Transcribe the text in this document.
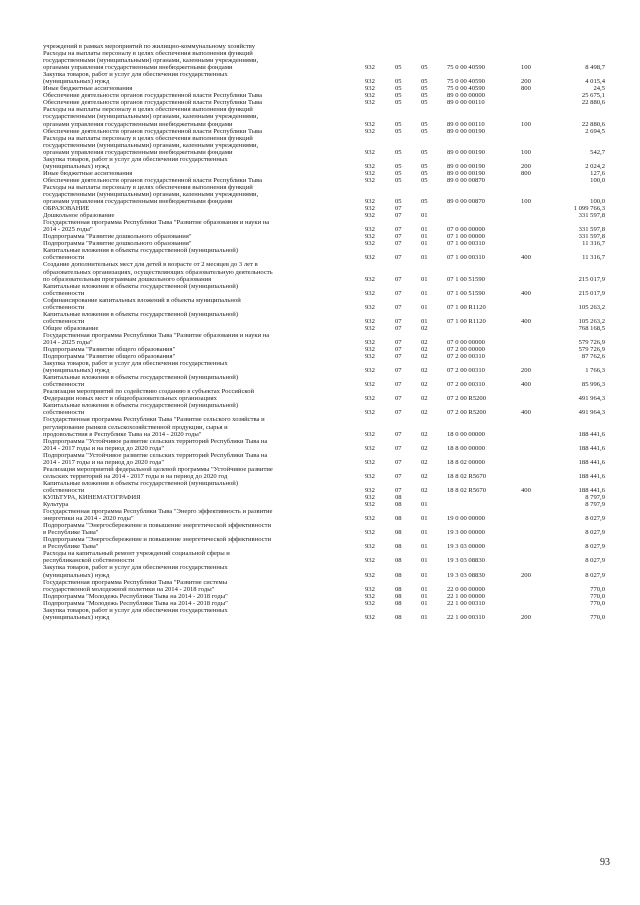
учреждений в рамках мероприятий по жилищно-коммунальному хозяйству						

Расходы на выплаты персоналу в целях обеспечения выполнения функций
государственными (муниципальными) органами, казенными учреждениями,
органами управления государственными внебюджетными фондами	932	05	05	75 0 00 40590	100	8 498,7

Закупка товаров, работ и услуг для обеспечения государственных
(муниципальных) нужд	932	05	05	75 0 00 40590	200	4 015,4

Иные бюджетные ассигнования	932	05	05	75 0 00 40590	800	24,5

Обеспечение деятельности органов государственной власти Республики Тыва	932	05	05	89 0 00 00000		25 675,1

Обеспечение деятельности органов государственной власти Республики Тыва	932	05	05	89 0 00 00110		22 880,6

Расходы на выплаты персоналу в целях обеспечения выполнения функций
государственными (муниципальными) органами, казенными учреждениями,
органами управления государственными внебюджетными фондами	932	05	05	89 0 00 00110	100	22 880,6

Обеспечение деятельности органов государственной власти Республики Тыва	932	05	05	89 0 00 00190		2 694,5

Расходы на выплаты персоналу в целях обеспечения выполнения функций
государственными (муниципальными) органами, казенными учреждениями,
органами управления государственными внебюджетными фондами	932	05	05	89 0 00 00190	100	542,7

Закупка товаров, работ и услуг для обеспечения государственных
(муниципальных) нужд	932	05	05	89 0 00 00190	200	2 024,2

Иные бюджетные ассигнования	932	05	05	89 0 00 00190	800	127,6

Обеспечение деятельности органов государственной власти Республики Тыва	932	05	05	89 0 00 00870		100,0

Расходы на выплаты персоналу в целях обеспечения выполнения функций
государственными (муниципальными) органами, казенными учреждениями,
органами управления государственными внебюджетными фондами	932	05	05	89 0 00 00870	100	100,0

ОБРАЗОВАНИЕ	932	07				1 099 766,3

Дошкольное образование	932	07	01			331 597,8

Государственная программа Республики Тыва "Развитие образования и науки на
2014 - 2025 годы"	932	07	01	07 0 00 00000		331 597,8

Подпрограмма "Развитие дошкольного образования"	932	07	01	07 1 00 00000		331 597,8

Подпрограмма "Развитие дошкольного образования"	932	07	01	07 1 00 00310		11 316,7

Капитальные вложения в объекты государственной (муниципальной)
собственности	932	07	01	07 1 00 00310	400	11 316,7

Создание дополнительных мест для детей в возрасте от 2 месяцев до 3 лет в
образовательных организациях, осуществляющих образовательную деятельность
по образовательным программам дошкольного образования	932	07	01	07 1 00 51590		215 017,9

Капитальные вложения в объекты государственной (муниципальной)
собственности	932	07	01	07 1 00 51590	400	215 017,9

Софинансирование капитальных вложений в объекты муниципальной
собственности	932	07	01	07 1 00 R1120		105 263,2

Капитальные вложения в объекты государственной (муниципальной)
собственности	932	07	01	07 1 00 R1120	400	105 263,2

Общее образование	932	07	02			768 168,5

Государственная программа Республики Тыва "Развитие образования и науки на
2014 - 2025 годы"	932	07	02	07 0 00 00000		579 726,9

Подпрограмма "Развитие общего образования"	932	07	02	07 2 00 00000		579 726,9

Подпрограмма "Развитие общего образования"	932	07	02	07 2 00 00310		87 762,6

Закупка товаров, работ и услуг для обеспечения государственных
(муниципальных) нужд	932	07	02	07 2 00 00310	200	1 766,3

Капитальные вложения в объекты государственной (муниципальной)
собственности	932	07	02	07 2 00 00310	400	85 996,3

Реализация мероприятий по содействию созданию в субъектах Российской
Федерации новых мест в общеобразовательных организациях	932	07	02	07 2 00 R5200		491 964,3

Капитальные вложения в объекты государственной (муниципальной)
собственности	932	07	02	07 2 00 R5200	400	491 964,3

Государственная программа Республики Тыва "Развитие сельского хозяйства и
регулирование рынков сельскохозяйственной продукции, сырья и
продовольствия в Республике Тыва на 2014 - 2020 годы"	932	07	02	18 0 00 00000		188 441,6

Подпрограмма "Устойчивое развитие сельских территорий Республики Тыва на
2014 - 2017 годы и на период до 2020 года"	932	07	02	18 8 00 00000		188 441,6

Подпрограмма "Устойчивое развитие сельских территорий Республики Тыва на
2014 - 2017 годы и на период до 2020 года"	932	07	02	18 8 02 00000		188 441,6

Реализация мероприятий федеральной целевой программы "Устойчивое развитие
сельских территорий на 2014 - 2017 годы и на период до 2020 год	932	07	02	18 8 02 R5670		188 441,6

Капитальные вложения в объекты государственной (муниципальной)
собственности	932	07	02	18 8 02 R5670	400	188 441,6

КУЛЬТУРА, КИНЕМАТОГРАФИЯ	932	08				8 797,9

Культура	932	08	01			8 797,9

Государственная программа Республики Тыва "Энерго эффективность и развитие
энергетики на 2014 - 2020 годы"	932	08	01	19 0 00 00000		8 027,9

Подпрограмма "Энергосбережение и повышение энергетической эффективности
в Республике Тыва"	932	08	01	19 3 00 00000		8 027,9

Подпрограмма "Энергосбережение и повышение энергетической эффективности
в Республике Тыва"	932	08	01	19 3 03 00000		8 027,9

Расходы на капитальный ремонт учреждений социальной сферы и
республиканской собственности	932	08	01	19 3 03 08830		8 027,9

Закупка товаров, работ и услуг для обеспечения государственных
(муниципальных) нужд	932	08	01	19 3 03 08830	200	8 027,9

Государственная программа Республики Тыва "Развитие системы
государственной молодежной политики на 2014 - 2018 годы"	932	08	01	22 0 00 00000		770,0

Подпрограмма "Молодежь Республики Тыва на 2014 - 2018 годы"	932	08	01	22 1 00 00000		770,0

Подпрограмма "Молодежь Республики Тыва на 2014 - 2018 годы"	932	08	01	22 1 00 00310		770,0

Закупка товаров, работ и услуг для обеспечения государственных
(муниципальных) нужд	932	08	01	22 1 00 00310	200	770,0
93
